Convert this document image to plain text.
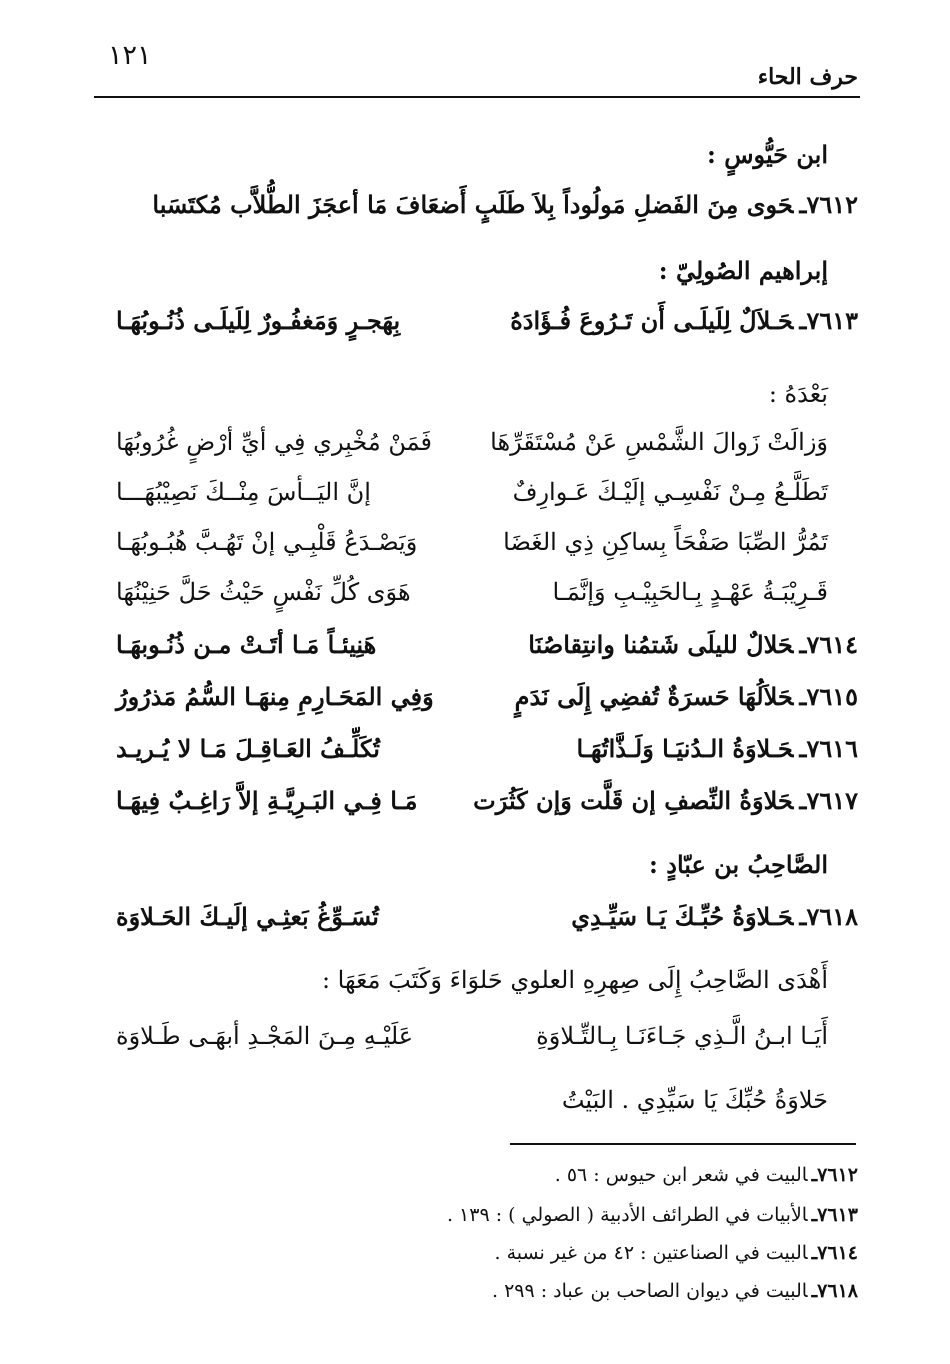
١٢١
حرف الحاء
ابن حَيُّوسٍ :
٧٦١٢ـحَوى مِنَ الفَضلِ مَولُوداً بِلاَ طَلَبٍ أَضعَافَ مَا أعجَزَ الطُّلاَّب مُكتَسَبا
إبراهيم الصُولِيّ :
٧٦١٣ـحَـلاَلٌ لِلَيلَـى أَن تَـرُوعَ فُـؤَادَهُ
بِهَجـرٍ وَمَغفُـورٌ لِلَيلَـى ذُنُـوبُهَـا
بَعْدَهُ :
وَزالَتْ زَوالَ الشَّمْسِ عَنْ مُسْتَقَرِّهَا
فَمَنْ مُخْبِري فِي أيِّ أرْضٍ غُرُوبُهَا
تَطَلَّـعُ مِـنْ نَفْسِـي إلَيْـكَ عَـوارِفٌ
إنَّ اليَــأسَ مِنْــكَ نَصِيْبُهَـــا
تَمُرُّ الصِّبَا صَفْحَاً بِساكِنِ ذِي الغَضَا
وَيَصْـدَعُ قَلْبِـي إنْ تَهُـبَّ هُبُـوبُهَـا
قَـرِيْبَـةُ عَهْـدٍ بِـالحَبِيْـبِ وَإنَّمَـا
هَوَى كُلِّ نَفْسٍ حَيْثُ حَلَّ حَنِيْنُهَا
٧٦١٤ـحَلالٌ لليلَى شَتمُنا وانتِقاصُنَا
هَنِيئـاً مَـا أتَـتْ مـن ذُنُـوبهَـا
٧٦١٥ـحَلاَلُهَا حَسرَةٌ تُفضِي إِلَى نَدَمٍ
وَفِي المَحَـارِمِ مِنهَـا السُّمُ مَذرُورُ
٧٦١٦ـحَـلاوَةُ الـدُنيَـا وَلَـذَّاتُهَـا
تُكَلِّـفُ العَـاقِـلَ مَـا لا يُـريـد
٧٦١٧ـحَلاوَةُ النِّصفِ إن قَلَّت وَإن كَثُرَت
مَـا فِـي البَـرِيَّـةِ إلاَّ رَاغِـبٌ فِيهَـا
الصَّاحِبُ بن عبّادٍ :
٧٦١٨ـحَـلاوَةُ حُبِّـكَ يَـا سَيِّـدِي
تُسَـوِّغُ بَعثِـي إلَيـكَ الحَـلاوَة
أَهْدَى الصَّاحِبُ إِلَى صِهرِهِ العلوي حَلوَاءَ وَكَتَبَ مَعَهَا :
أَيَـا ابـنُ الَّـذِي جَـاءَنَـا بِـالتِّـلاوَةِ
عَلَيْـهِ مِـنَ المَجْـدِ أبهَـى طَـلاوَة
حَلاوَةُ حُبِّكَ يَا سَيِّدِي . البَيْتُ
٧٦١٢ـالبيت في شعر ابن حيوس : ٥٦ .
٧٦١٣ـالأبيات في الطرائف الأدبية ( الصولي ) : ١٣٩ .
٧٦١٤ـالبيت في الصناعتين : ٤٢ من غير نسبة .
٧٦١٨ـالبيت في ديوان الصاحب بن عباد : ٢٩٩ .
